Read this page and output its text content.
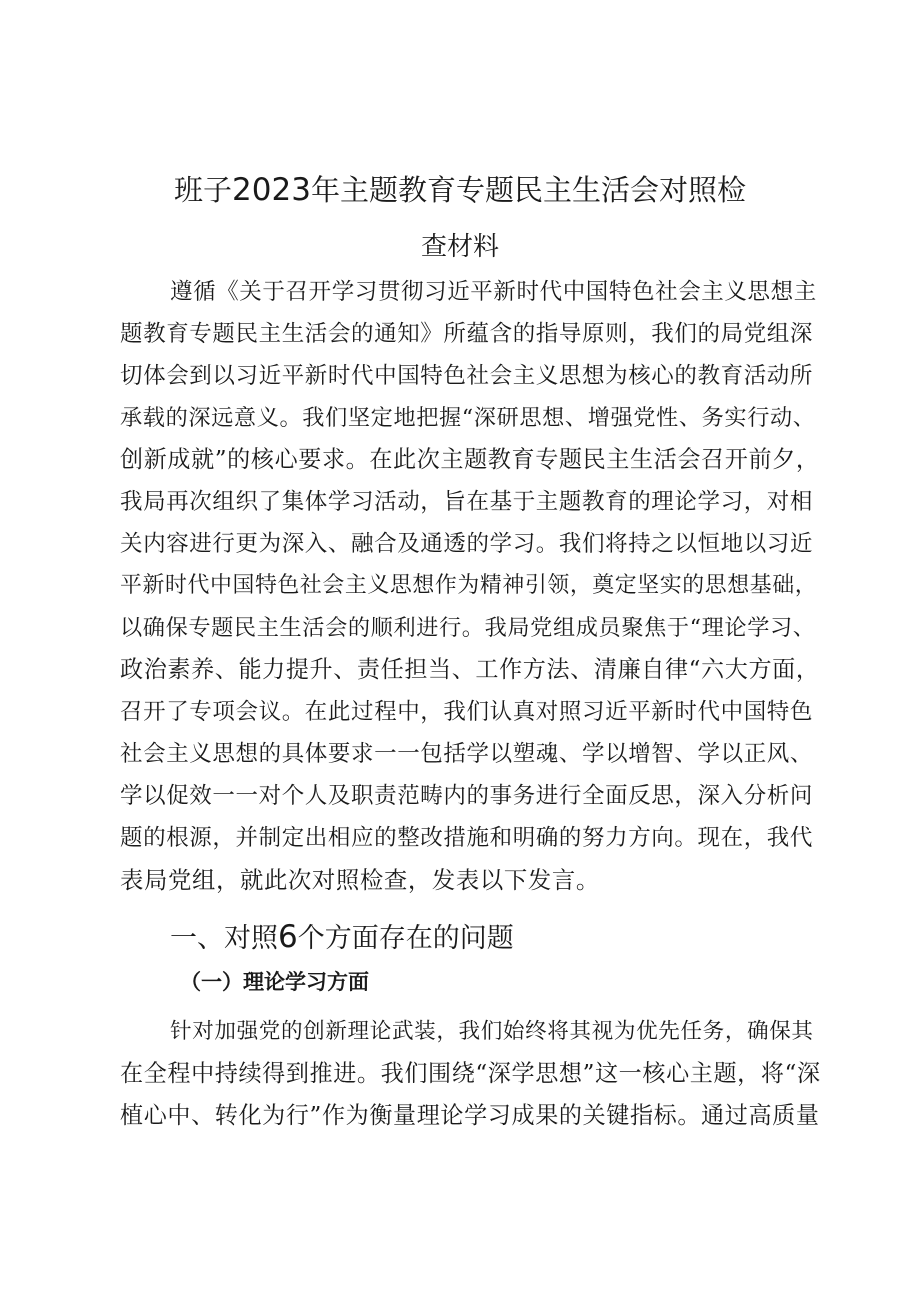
班子2023年主题教育专题民主生活会对照检
查材料
遵循《关于召开学习贯彻习近平新时代中国特色社会主义思想主
题教育专题民主生活会的通知》所蕴含的指导原则，我们的局党组深
切体会到以习近平新时代中国特色社会主义思想为核心的教育活动所
承载的深远意义。我们坚定地把握“深研思想、增强党性、务实行动、
创新成就”的核心要求。在此次主题教育专题民主生活会召开前夕，
我局再次组织了集体学习活动，旨在基于主题教育的理论学习，对相
关内容进行更为深入、融合及通透的学习。我们将持之以恒地以习近
平新时代中国特色社会主义思想作为精神引领，奠定坚实的思想基础，
以确保专题民主生活会的顺利进行。我局党组成员聚焦于“理论学习、
政治素养、能力提升、责任担当、工作方法、清廉自律“六大方面，
召开了专项会议。在此过程中，我们认真对照习近平新时代中国特色
社会主义思想的具体要求一一包括学以塑魂、学以增智、学以正风、
学以促效一一对个人及职责范畴内的事务进行全面反思，深入分析问
题的根源，并制定出相应的整改措施和明确的努力方向。现在，我代
表局党组，就此次对照检查，发表以下发言。
一、对照6个方面存在的问题
（一）理论学习方面
针对加强党的创新理论武装，我们始终将其视为优先任务，确保其
在全程中持续得到推进。我们围绕“深学思想”这一核心主题，将“深
植心中、转化为行”作为衡量理论学习成果的关键指标。通过高质量
